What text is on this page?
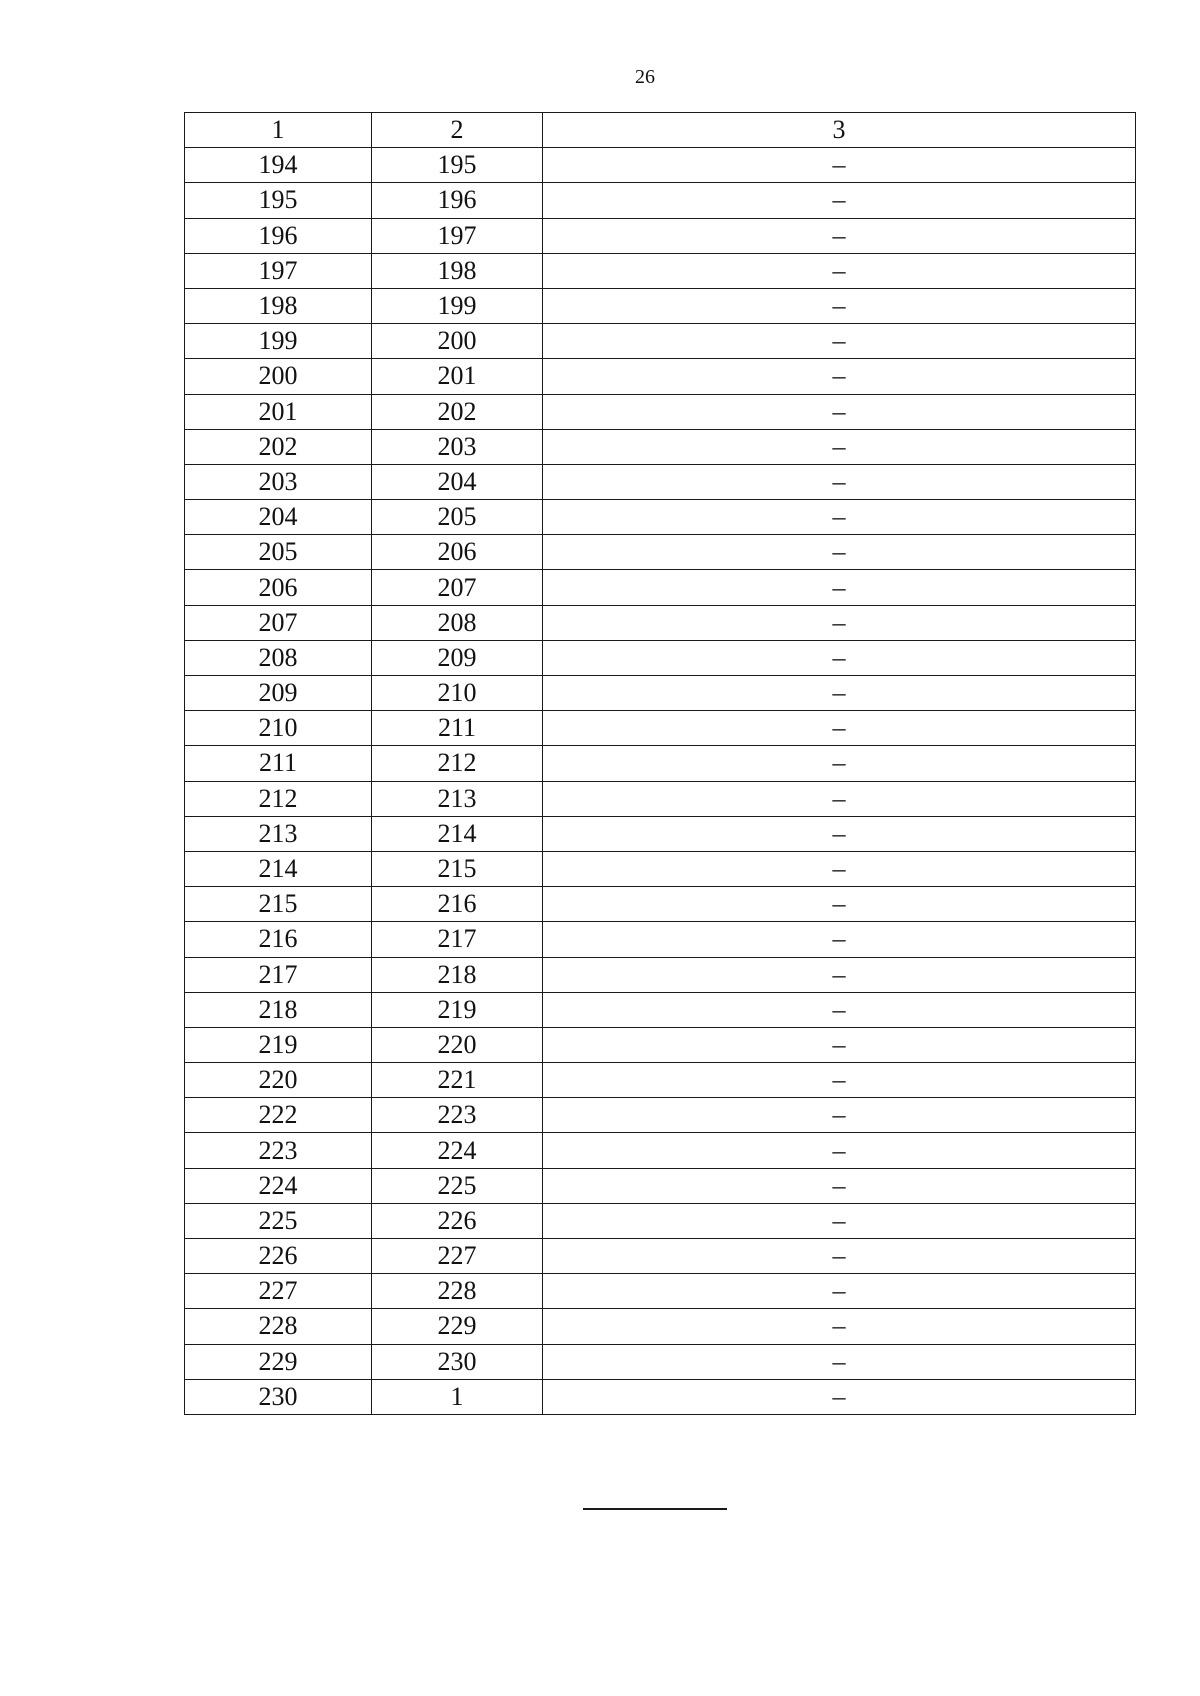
26
1	2	3
194	195	–
195	196	–
196	197	–
197	198	–
198	199	–
199	200	–
200	201	–
201	202	–
202	203	–
203	204	–
204	205	–
205	206	–
206	207	–
207	208	–
208	209	–
209	210	–
210	211	–
211	212	–
212	213	–
213	214	–
214	215	–
215	216	–
216	217	–
217	218	–
218	219	–
219	220	–
220	221	–
222	223	–
223	224	–
224	225	–
225	226	–
226	227	–
227	228	–
228	229	–
229	230	–
230	1	–
